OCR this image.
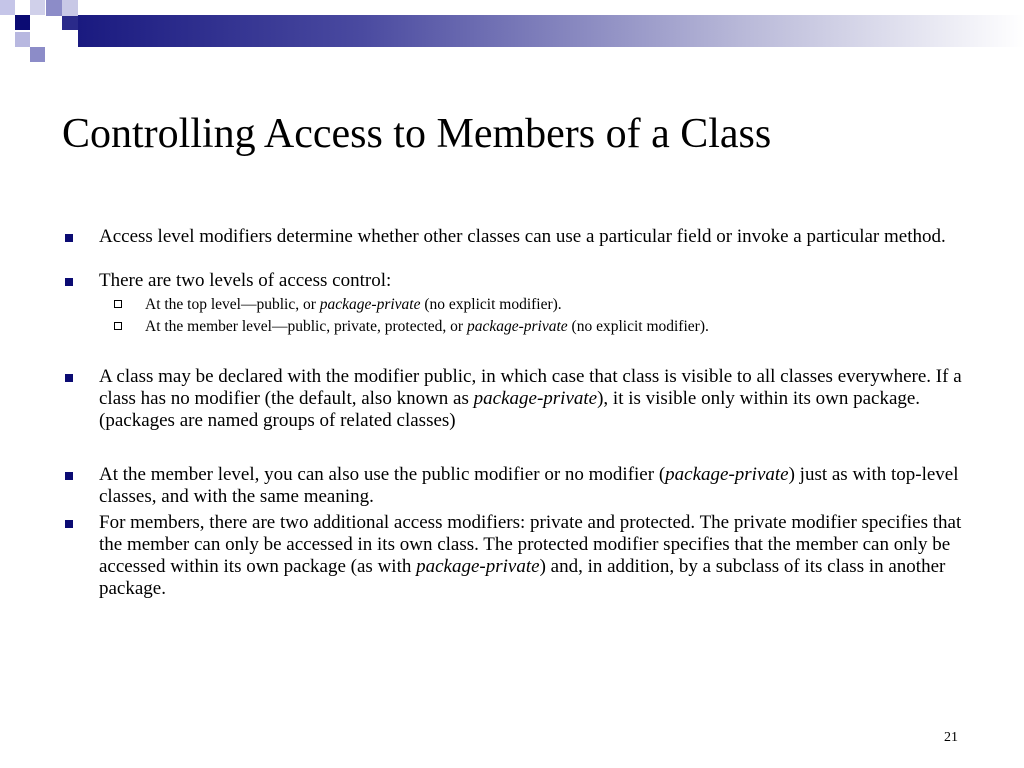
Controlling Access to Members of a Class
Access level modifiers determine whether other classes can use a particular field or invoke a particular method.
There are two levels of access control:
At the top level—public, or package-private (no explicit modifier).
At the member level—public, private, protected, or package-private (no explicit modifier).
A class may be declared with the modifier public, in which case that class is visible to all classes everywhere. If a class has no modifier (the default, also known as package-private), it is visible only within its own package. (packages are named groups of related classes)
At the member level, you can also use the public modifier or no modifier (package-private) just as with top-level classes, and with the same meaning.
For members, there are two additional access modifiers: private and protected. The private modifier specifies that the member can only be accessed in its own class. The protected modifier specifies that the member can only be accessed within its own package (as with package-private) and, in addition, by a subclass of its class in another package.
21
